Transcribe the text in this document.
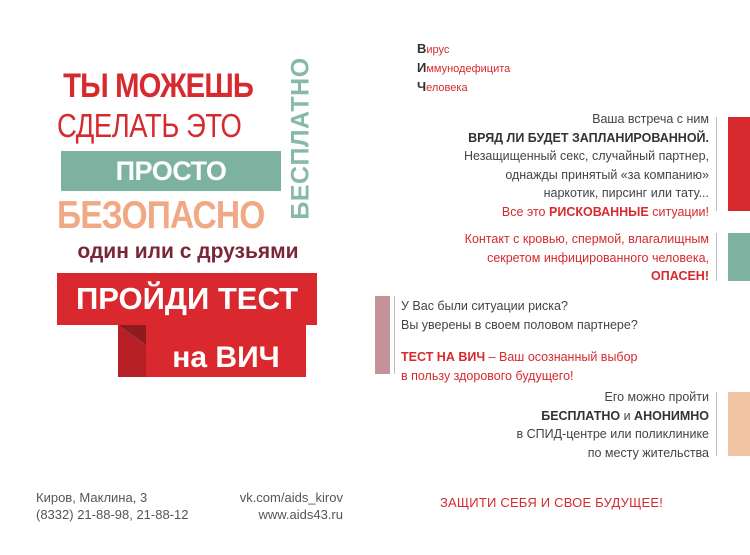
ТЫ МОЖЕШЬ
СДЕЛАТЬ ЭТО БЕСПЛАТНО
ПРОСТО
БЕЗОПАСНО
один или с друзьями
ПРОЙДИ ТЕСТ
на ВИЧ
Киров, Маклина, 3
(8332) 21-88-98, 21-88-12
vk.com/aids_kirov
www.aids43.ru
Вирус
Иммунодефицита
Человека
Ваша встреча с ним
ВРЯД ЛИ БУДЕТ ЗАПЛАНИРОВАННОЙ.
Незащищенный секс, случайный партнер,
однажды принятый «за компанию»
наркотик, пирсинг или тату...
Все это РИСКОВАННЫЕ ситуации!
Контакт с кровью, спермой, влагалищным
секретом инфицированного человека,
ОПАСЕН!
У Вас были ситуации риска?
Вы уверены в своем половом партнере?
ТЕСТ НА ВИЧ – Ваш осознанный выбор
в пользу здорового будущего!
Его можно пройти
БЕСПЛАТНО и АНОНИМНО
в СПИД-центре или поликлинике
по месту жительства
ЗАЩИТИ СЕБЯ И СВОЕ БУДУЩЕЕ!
